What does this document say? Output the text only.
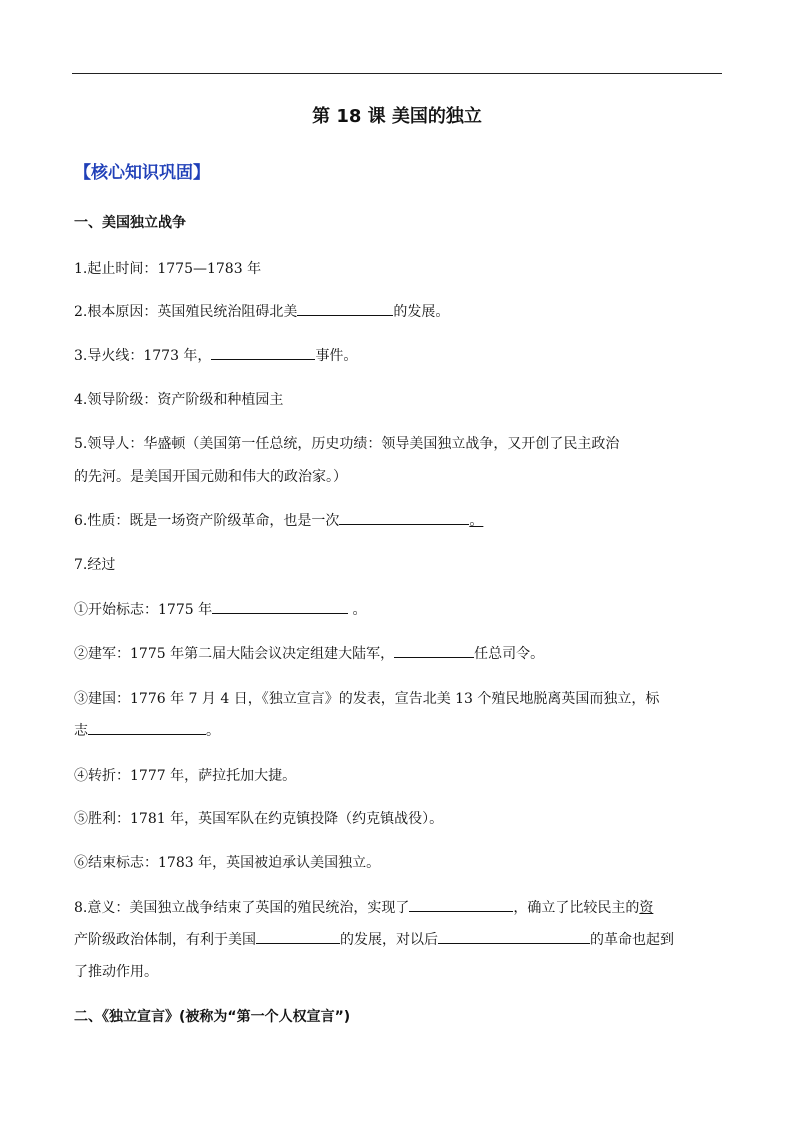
第 18 课 美国的独立
【核心知识巩固】
一、美国独立战争
1.起止时间：1775—1783 年
2.根本原因：英国殖民统治阻碍北美	的发展。
3.导火线：1773 年，	事件。
4.领导阶级：资产阶级和种植园主
5.领导人：华盛顿（美国第一任总统，历史功绩：领导美国独立战争，又开创了民主政治
的先河。是美国开国元勋和伟大的政治家。）
6.性质：既是一场资产阶级革命，也是一次	。
7.经过
①开始标志：1775 年	。
②建军：1775 年第二届大陆会议决定组建大陆军，	任总司令。
③建国：1776 年 7 月 4 日，《独立宣言》的发表，宣告北美 13 个殖民地脱离英国而独立，标
志	。
④转折：1777 年，萨拉托加大捷。
⑤胜利：1781 年，英国军队在约克镇投降（约克镇战役）。
⑥结束标志：1783 年，英国被迫承认美国独立。
8.意义：美国独立战争结束了英国的殖民统治，实现了	，确立了比较民主的资
产阶级政治体制，有利于美国	的发展，对以后	的革命也起到
了推动作用。
二、《独立宣言》(被称为“第一个人权宣言”)
